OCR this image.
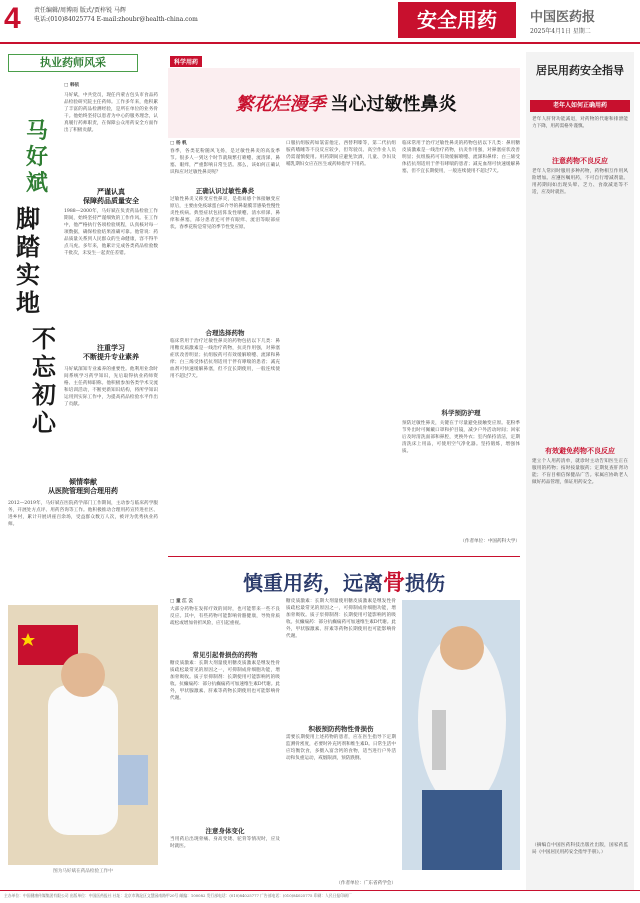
4 责任编辑/周博雨 版式/贾梓锐 马辉
电话:(010)84025774 E-mail:zhoubr@health-china.com	安全用药	中国医药报
2025年4月1日 星期二
执业药师风采
□ 韩依
马好斌
脚踏实地
不忘初心
马好斌，中共党员，现任内蒙古包头市食品药品检验研究院主任药师。工作多年来，他积累了丰富的药品检测经验，是所在单位的业务骨干。他始终坚持以患者为中心的服务理念，认真履行药师职责，在保障公众用药安全方面作出了积极贡献。
严谨认真
保障药品质量安全
1988—2000年，马好斌在负责药品检验工作期间，始终坚持严谨细致的工作作风。在工作中，他严格执行各项检验规程，认真核对每一项数据，确保检验结果准确可靠。他常说：药品质量关系到人民群众的生命健康，容不得半点马虎。多年来，他累计完成各类药品检验数千批次，未发生一起责任差错。
注重学习
不断提升专业素养
马好斌深知专业素养的重要性。他利用业余时间系统学习药学知识，先后取得执业药师资格、主任药师职称。他积极参加各类学术交流和培训活动，不断更新知识结构，将所学知识运用到实际工作中，为提高药品检验水平作出了贡献。
倾情奉献
从医院管理到合理用药
2012—2019年，马好斌在医院药学部门工作期间，主动参与临床药学服务，开展处方点评、用药咨询等工作。他积极推动合理用药宣传进社区、进乡村，累计开展讲座百余场，受益群众数万人次，被评为优秀执业药师。
图为马好斌在药品检验工作中
科学用药
繁花烂漫季 当心过敏性鼻炎
□ 杨 帆
春季，各类花粉随风飞扬，是过敏性鼻炎的高发季节。很多人一到这个时节就频繁打喷嚏、流清涕、鼻塞、眼痒，严重影响日常生活。那么，该如何正确认识和应对过敏性鼻炎呢？
正确认识过敏性鼻炎
过敏性鼻炎又称变应性鼻炎，是指易感个体接触变应原后，主要由免疫球蛋白E介导的鼻黏膜非感染性慢性炎性疾病。典型症状包括阵发性喷嚏、清水样涕、鼻痒和鼻塞，部分患者还可伴有眼痒、流泪等眼部症状。春季花粉是常见的季节性变应原。
合理选择药物
临床常用于治疗过敏性鼻炎的药物包括以下几类：鼻用糖皮质激素是一线治疗药物，抗炎作用强，对鼻塞症状改善明显；抗组胺药可有效缓解喷嚏、流涕和鼻痒；白三烯受体拮抗剂适用于伴有哮喘的患者；减充血剂可快速缓解鼻塞，但不宜长期使用，一般连续使用不超过7天。
口服抗组胺药如氯雷他定、西替利嗪等，第二代抗组胺药嗜睡等不良反应较少，但驾驶员、高空作业人员仍需谨慎使用。用药期间应避免饮酒，儿童、孕妇及哺乳期妇女应在医生或药师指导下用药。
科学预防护理
临床常用于治疗过敏性鼻炎的药物包括以下几类：鼻用糖皮质激素是一线治疗药物，抗炎作用强，对鼻塞症状改善明显；抗组胺药可有效缓解喷嚏、流涕和鼻痒；白三烯受体拮抗剂适用于伴有哮喘的患者；减充血剂可快速缓解鼻塞，但不宜长期使用，一般连续使用不超过7天。
预防过敏性鼻炎，关键在于尽量避免接触变应原。花粉季节外出时可佩戴口罩和护目镜，减少户外活动时间；回家后及时清洗面部和鼻腔，更换外衣；室内保持清洁，定期清洗床上用品，可使用空气净化器。坚持锻炼，增强体质。
（作者单位：中国药科大学）
慎重用药，远离骨损伤
□ 童 江 云
大部分药物在发挥疗效的同时，也可能带来一些不良反应。其中，有些药物可能影响骨骼健康，导致骨质疏松或增加骨折风险，应引起重视。
常见引起骨损伤的药物
糖皮质激素：长期大剂量使用糖皮质激素是继发性骨质疏松最常见的原因之一，可抑制成骨细胞功能，增加骨吸收。质子泵抑制剂：长期使用可能影响钙的吸收。抗癫痫药：部分抗癫痫药可加速维生素D代谢。此外，甲状腺激素、肝素等药物长期使用也可能影响骨代谢。
注意身体变化
当用药后出现骨痛、身高变矮、驼背等情况时，应及时就医。
糖皮质激素：长期大剂量使用糖皮质激素是继发性骨质疏松最常见的原因之一，可抑制成骨细胞功能，增加骨吸收。质子泵抑制剂：长期使用可能影响钙的吸收。抗癫痫药：部分抗癫痫药可加速维生素D代谢。此外，甲状腺激素、肝素等药物长期使用也可能影响骨代谢。
积极预防药物性骨损伤
需要长期使用上述药物的患者，应在医生指导下定期监测骨密度，必要时补充钙剂和维生素D。日常生活中应均衡饮食，多摄入富含钙的食物，适当进行户外活动和负重运动，戒烟限酒，预防跌倒。
（作者单位：广东省药学会）
居民用药安全指导
老年人如何正确用药
老年人肝肾功能减退，对药物的代谢和排泄能力下降，用药需格外谨慎。
注意药物不良反应
老年人常同时服用多种药物，药物相互作用风险增加。应遵医嘱用药，不可自行增减剂量。用药期间如出现头晕、乏力、食欲减退等不适，应及时就医。
有效避免药物不良反应
建立个人用药清单，就诊时主动告知医生正在服用的药物；按时按量服药；定期复查肝肾功能；不盲目相信保健品广告。家属应协助老人做好药品管理，保证用药安全。
（摘编自中国医药科技出版社出版，国家药监局《中国居民用药安全指导手册》。）
主办单位：中国健康传媒集团有限公司 出版单位：中国医药报社 社址：北京市海淀区文慧园南路甲20号 邮编：100082 发行部电话：(010)84025777 广告部电话：(010)84025775 印刷：人民日报印刷厂
